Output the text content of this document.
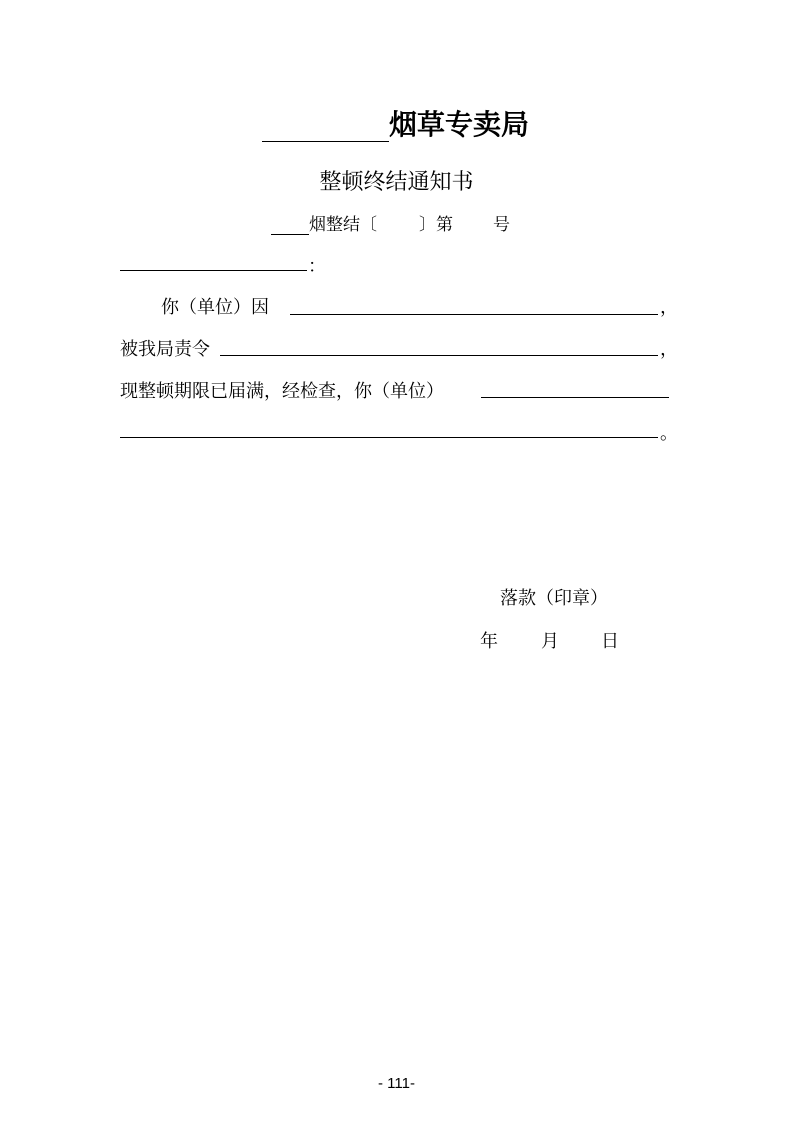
烟草专卖局
整顿终结通知书
烟整结〔 〕第 号
：
你（单位）因	，
被我局责令	，
现整顿期限已届满，经检查，你（单位）
。
落款（印章）
年 月 日
- 111-
